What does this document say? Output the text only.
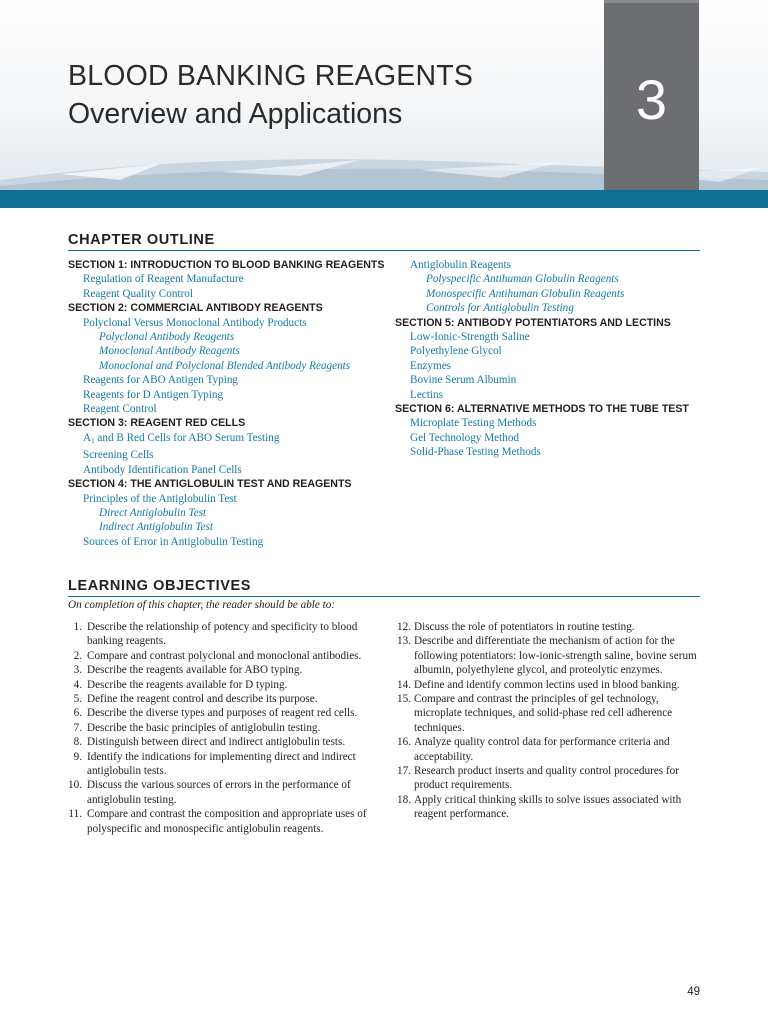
BLOOD BANKING REAGENTS
Overview and Applications	3
CHAPTER OUTLINE
SECTION 1: INTRODUCTION TO BLOOD BANKING REAGENTS
Regulation of Reagent Manufacture
Reagent Quality Control
SECTION 2: COMMERCIAL ANTIBODY REAGENTS
Polyclonal Versus Monoclonal Antibody Products
Polyclonal Antibody Reagents
Monoclonal Antibody Reagents
Monoclonal and Polyclonal Blended Antibody Reagents
Reagents for ABO Antigen Typing
Reagents for D Antigen Typing
Reagent Control
SECTION 3: REAGENT RED CELLS
$A_1$ and B Red Cells for ABO Serum Testing
Screening Cells
Antibody Identification Panel Cells
SECTION 4: THE ANTIGLOBULIN TEST AND REAGENTS
Principles of the Antiglobulin Test
Direct Antiglobulin Test
Indirect Antiglobulin Test
Sources of Error in Antiglobulin Testing
Antiglobulin Reagents
Polyspecific Antihuman Globulin Reagents
Monospecific Antihuman Globulin Reagents
Controls for Antiglobulin Testing
SECTION 5: ANTIBODY POTENTIATORS AND LECTINS
Low-Ionic-Strength Saline
Polyethylene Glycol
Enzymes
Bovine Serum Albumin
Lectins
SECTION 6: ALTERNATIVE METHODS TO THE TUBE TEST
Microplate Testing Methods
Gel Technology Method
Solid-Phase Testing Methods
LEARNING OBJECTIVES

On completion of this chapter, the reader should be able to:

1. Describe the relationship of potency and specificity to blood banking reagents.
2. Compare and contrast polyclonal and monoclonal antibodies.
3. Describe the reagents available for ABO typing.
4. Describe the reagents available for D typing.
5. Define the reagent control and describe its purpose.
6. Describe the diverse types and purposes of reagent red cells.
7. Describe the basic principles of antiglobulin testing.
8. Distinguish between direct and indirect antiglobulin tests.
9. Identify the indications for implementing direct and indirect antiglobulin tests.
10. Discuss the various sources of errors in the performance of antiglobulin testing.
11. Compare and contrast the composition and appropriate uses of polyspecific and monospecific antiglobulin reagents.
12. Discuss the role of potentiators in routine testing.
13. Describe and differentiate the mechanism of action for the following potentiators: low-ionic-strength saline, bovine serum albumin, polyethylene glycol, and proteolytic enzymes.
14. Define and identify common lectins used in blood banking.
15. Compare and contrast the principles of gel technology, microplate techniques, and solid-phase red cell adherence techniques.
16. Analyze quality control data for performance criteria and acceptability.
17. Research product inserts and quality control procedures for product requirements.
18. Apply critical thinking skills to solve issues associated with reagent performance.
49
